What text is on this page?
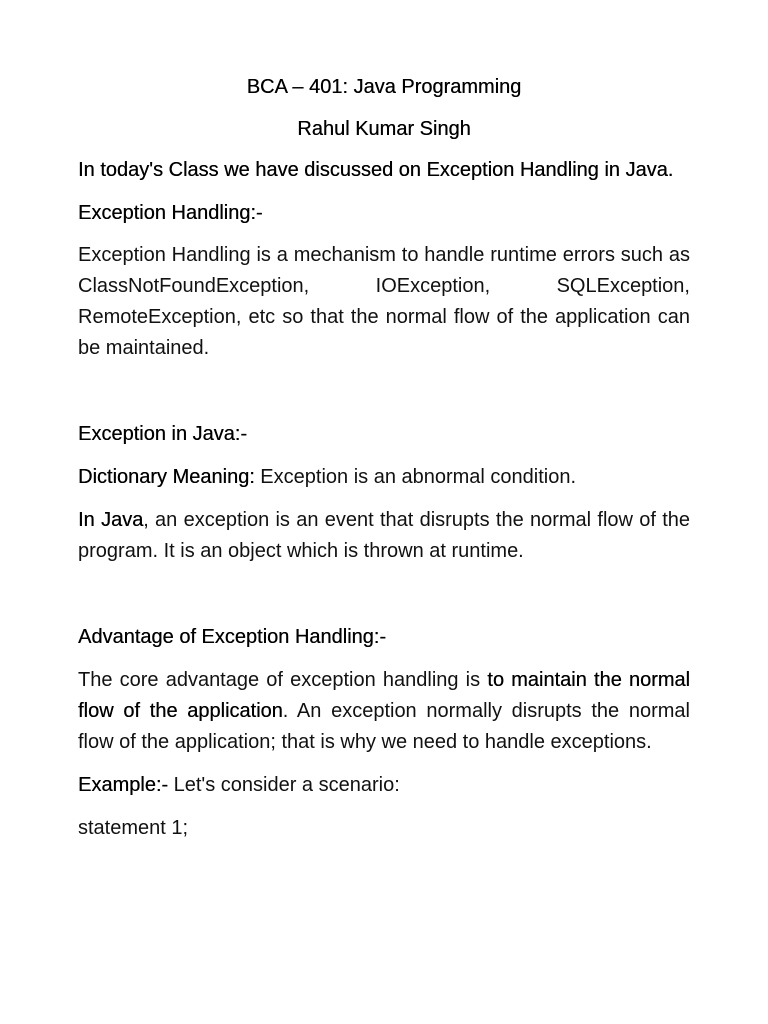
BCA – 401: Java Programming
Rahul Kumar Singh

In today's Class we have discussed on Exception Handling in Java.

Exception Handling:-

Exception Handling is a mechanism to handle runtime errors such as ClassNotFoundException, IOException, SQLException, RemoteException, etc so that the normal flow of the application can be maintained.

Exception in Java:-

Dictionary Meaning: Exception is an abnormal condition.

In Java, an exception is an event that disrupts the normal flow of the program. It is an object which is thrown at runtime.

Advantage of Exception Handling:-

The core advantage of exception handling is to maintain the normal flow of the application. An exception normally disrupts the normal flow of the application; that is why we need to handle exceptions.

Example:- Let's consider a scenario:

statement 1;
